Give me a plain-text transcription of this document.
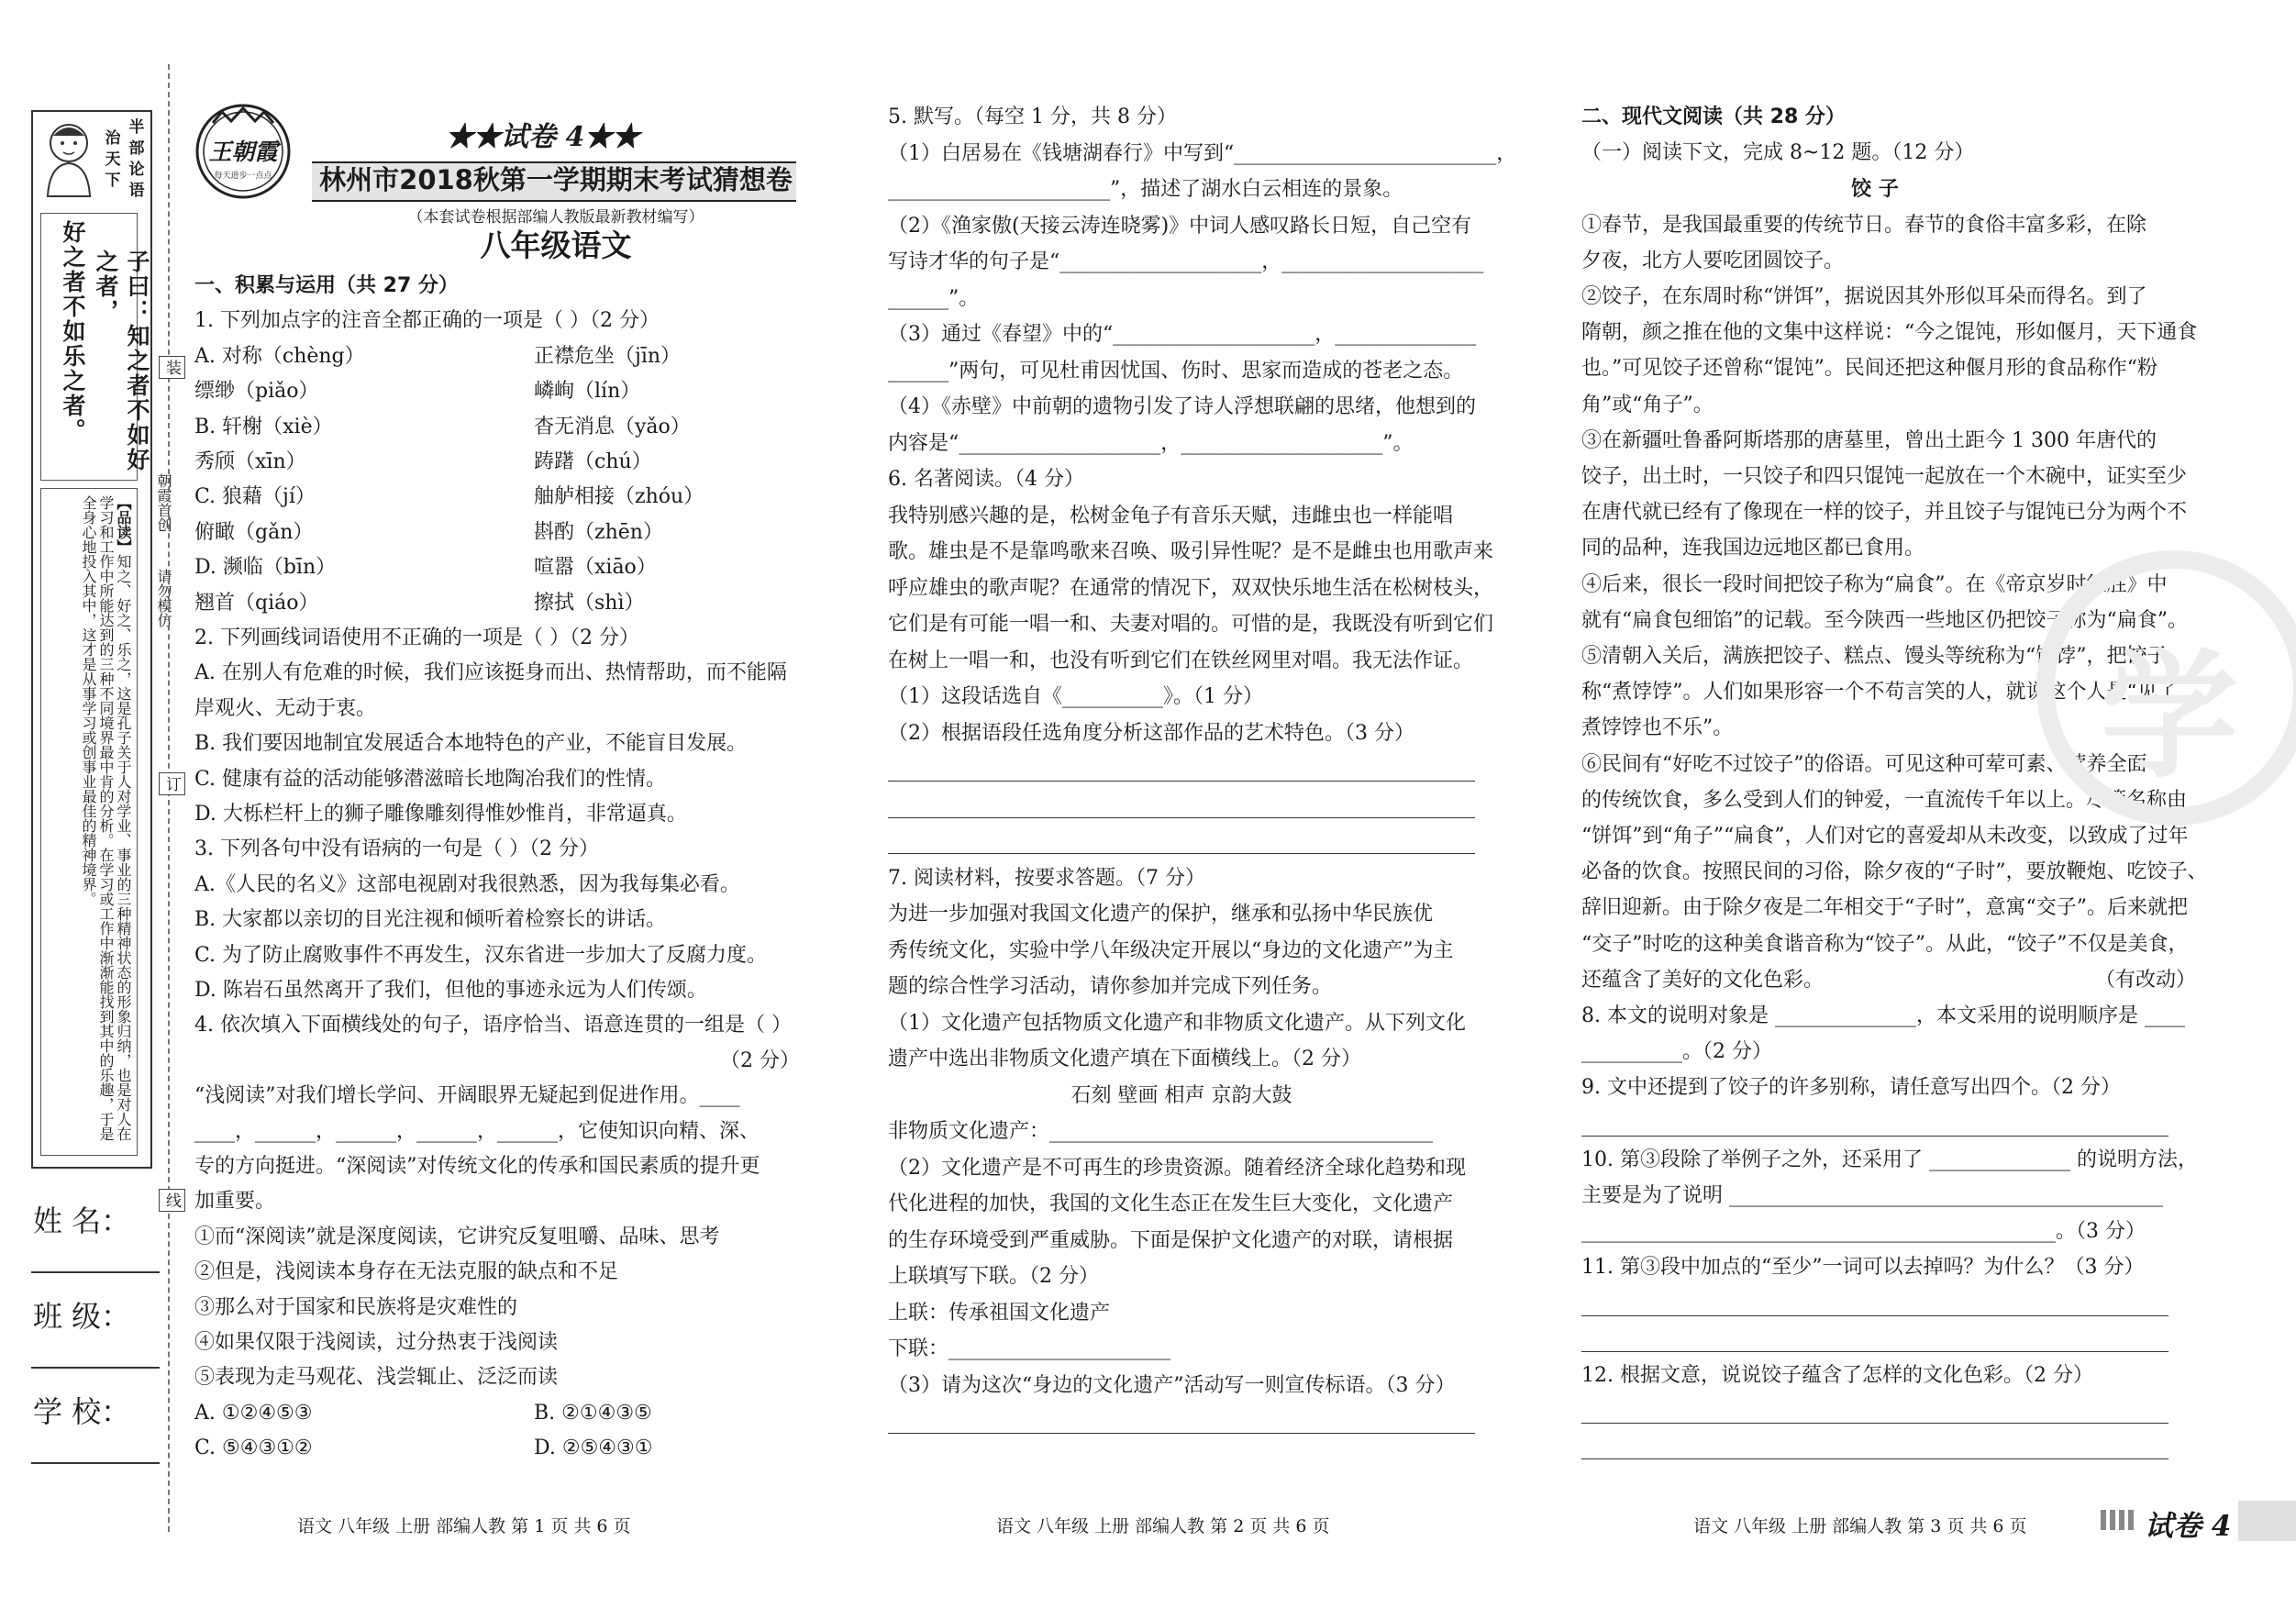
半
部
论
语
治
天
下
子曰：知之者不如好之者，
好之者不如乐之者。
【品读】知之、好之、乐之，这是孔子关于人对学业、事业的三种精神状态的形象归纳，也是对人在学习和工作中所能达到的三种不同境界最中肯的分析。在学习或工作中渐渐能找到其中的乐趣，于是全身心地投入其中，这才是从事学习或创事业最佳的精神境界。	朝霞首创
请勿模仿
装
订
线
姓 名：
班 级：
学 校：
王朝霞
每天进步一点点
★★试卷 4★★
林州市2018秋第一学期期末考试猜想卷
（本套试卷根据部编人教版最新教材编写）
八年级语文
一、积累与运用（共 27 分）
1. 下列加点字的注音全都正确的一项是（ ）（2 分）
A. 对称（chèng）	正襟危坐（jīn）
缥缈（piǎo）	嶙峋（lín）
B. 轩榭（xiè）	杳无消息（yǎo）
秀颀（xīn）	踌躇（chú）
C. 狼藉（jí）	舳舻相接（zhóu）
俯瞰（gǎn）	斟酌（zhēn）
D. 濒临（bīn）	喧嚣（xiāo）
翘首（qiáo）	擦拭（shì）
2. 下列画线词语使用不正确的一项是（ ）（2 分）
A. 在别人有危难的时候，我们应该挺身而出、热情帮助，而不能隔
岸观火、无动于衷。
B. 我们要因地制宜发展适合本地特色的产业，不能盲目发展。
C. 健康有益的活动能够潜滋暗长地陶冶我们的性情。
D. 大栎栏杆上的狮子雕像雕刻得惟妙惟肖，非常逼真。
3. 下列各句中没有语病的一句是（ ）（2 分）
A.《人民的名义》这部电视剧对我很熟悉，因为我每集必看。
B. 大家都以亲切的目光注视和倾听着检察长的讲话。
C. 为了防止腐败事件不再发生，汉东省进一步加大了反腐力度。
D. 陈岩石虽然离开了我们，但他的事迹永远为人们传颂。
4. 依次填入下面横线处的句子，语序恰当、语意连贯的一组是（ ）
（2 分）
“浅阅读”对我们增长学问、开阔眼界无疑起到促进作用。____
____，______，______，______，______，它使知识向精、深、
专的方向挺进。“深阅读”对传统文化的传承和国民素质的提升更
加重要。
①而“深阅读”就是深度阅读，它讲究反复咀嚼、品味、思考
②但是，浅阅读本身存在无法克服的缺点和不足
③那么对于国家和民族将是灾难性的
④如果仅限于浅阅读，过分热衷于浅阅读
⑤表现为走马观花、浅尝辄止、泛泛而读
A. ①②④⑤③	B. ②①④③⑤
C. ⑤④③①②	D. ②⑤④③①
5. 默写。（每空 1 分，共 8 分）
（1）白居易在《钱塘湖春行》中写到“__________________________，
______________________”，描述了湖水白云相连的景象。
（2）《渔家傲(天接云涛连晓雾)》中词人感叹路长日短，自己空有
写诗才华的句子是“____________________，____________________
______”。
（3）通过《春望》中的“____________________，______________
______”两句，可见杜甫因忧国、伤时、思家而造成的苍老之态。
（4）《赤壁》中前朝的遗物引发了诗人浮想联翩的思绪，他想到的
内容是“____________________，____________________”。
6. 名著阅读。（4 分）
我特别感兴趣的是，松树金龟子有音乐天赋，违雌虫也一样能唱
歌。雄虫是不是靠鸣歌来召唤、吸引异性呢？是不是雌虫也用歌声来
呼应雄虫的歌声呢？在通常的情况下，双双快乐地生活在松树枝头，
它们是有可能一唱一和、夫妻对唱的。可惜的是，我既没有听到它们
在树上一唱一和，也没有听到它们在铁丝网里对唱。我无法作证。
（1）这段话选自《__________》。（1 分）
（2）根据语段任选角度分析这部作品的艺术特色。（3 分）
7. 阅读材料，按要求答题。（7 分）
为进一步加强对我国文化遗产的保护，继承和弘扬中华民族优
秀传统文化，实验中学八年级决定开展以“身边的文化遗产”为主
题的综合性学习活动，请你参加并完成下列任务。
（1）文化遗产包括物质文化遗产和非物质文化遗产。从下列文化
遗产中选出非物质文化遗产填在下面横线上。（2 分）
石刻 壁画 相声 京韵大鼓
非物质文化遗产：______________________________________
（2）文化遗产是不可再生的珍贵资源。随着经济全球化趋势和现
代化进程的加快，我国的文化生态正在发生巨大变化，文化遗产
的生存环境受到严重威胁。下面是保护文化遗产的对联，请根据
上联填写下联。（2 分）
上联：传承祖国文化遗产
下联：______________________
（3）请为这次“身边的文化遗产”活动写一则宣传标语。（3 分）
二、现代文阅读（共 28 分）
（一）阅读下文，完成 8~12 题。（12 分）
饺 子
①春节，是我国最重要的传统节日。春节的食俗丰富多彩，在除
夕夜，北方人要吃团圆饺子。
②饺子，在东周时称“饼饵”，据说因其外形似耳朵而得名。到了
隋朝，颜之推在他的文集中这样说：“今之馄饨，形如偃月，天下通食
也。”可见饺子还曾称“馄饨”。民间还把这种偃月形的食品称作“粉
角”或“角子”。
③在新疆吐鲁番阿斯塔那的唐墓里，曾出土距今 1 300 年唐代的
饺子，出土时，一只饺子和四只馄饨一起放在一个木碗中，证实至少
在唐代就已经有了像现在一样的饺子，并且饺子与馄饨已分为两个不
同的品种，连我国边远地区都已食用。
④后来，很长一段时间把饺子称为“扁食”。在《帝京岁时纪胜》中
就有“扁食包细馅”的记载。至今陕西一些地区仍把饺子称为“扁食”。
⑤清朝入关后，满族把饺子、糕点、馒头等统称为“饽饽”，把饺子
称“煮饽饽”。人们如果形容一个不苟言笑的人，就说这个人是“见了
煮饽饽也不乐”。
⑥民间有“好吃不过饺子”的俗语。可见这种可荤可素、营养全面
的传统饮食，多么受到人们的钟爱，一直流传千年以上。尽管名称由
“饼饵”到“角子”“扁食”，人们对它的喜爱却从未改变，以致成了过年
必备的饮食。按照民间的习俗，除夕夜的“子时”，要放鞭炮、吃饺子、
辞旧迎新。由于除夕夜是二年相交于“子时”，意寓“交子”。后来就把
“交子”时吃的这种美食谐音称为“饺子”。从此，“饺子”不仅是美食，
还蕴含了美好的文化色彩。	（有改动）
8. 本文的说明对象是 ______________，本文采用的说明顺序是 ____
__________。（2 分）
9. 文中还提到了饺子的许多别称，请任意写出四个。（2 分）
10. 第③段除了举例子之外，还采用了 ______________ 的说明方法，
主要是为了说明 ___________________________________________
_______________________________________________。（3 分）
11. 第③段中加点的“至少”一词可以去掉吗？为什么？（3 分）
12. 根据文意，说说饺子蕴含了怎样的文化色彩。（2 分）
学
语文 八年级 上册 部编人教 第 1 页 共 6 页	语文 八年级 上册 部编人教 第 2 页 共 6 页	语文 八年级 上册 部编人教 第 3 页 共 6 页	试卷 4
